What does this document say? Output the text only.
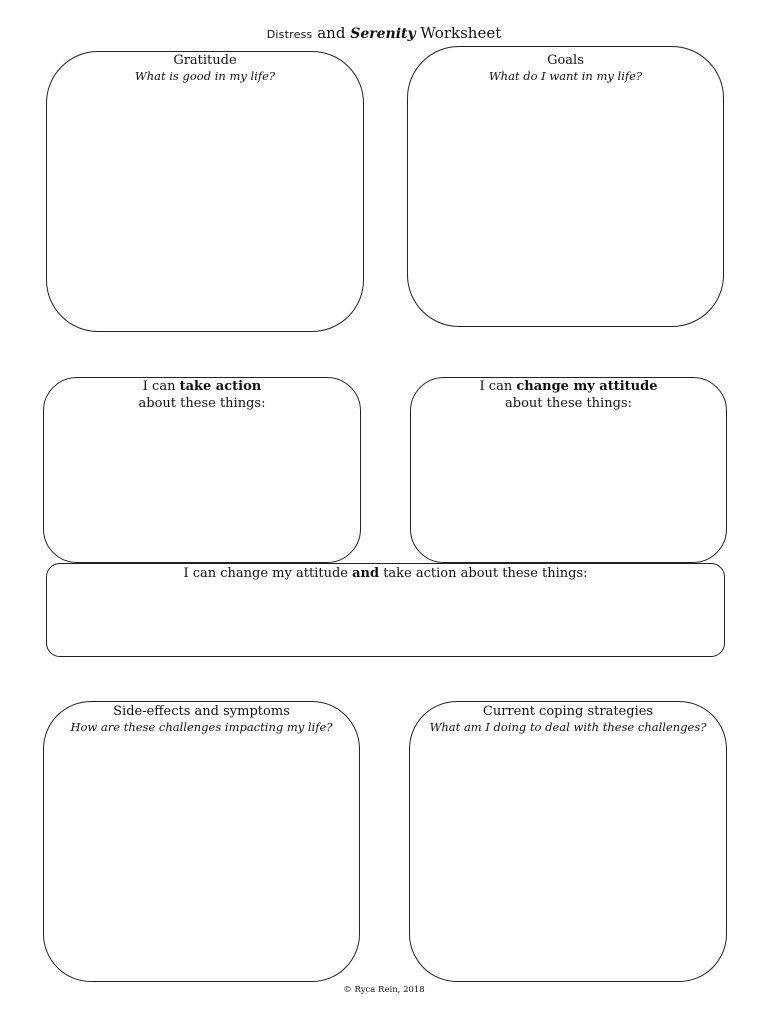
Distress and Serenity Worksheet
Gratitude
What is good in my life?
Goals
What do I want in my life?
I can take action
about these things:
I can change my attitude
about these things:
I can change my attitude and take action about these things:
Side-effects and symptoms
How are these challenges impacting my life?
Current coping strategies
What am I doing to deal with these challenges?
© Ryca Rein, 2018
